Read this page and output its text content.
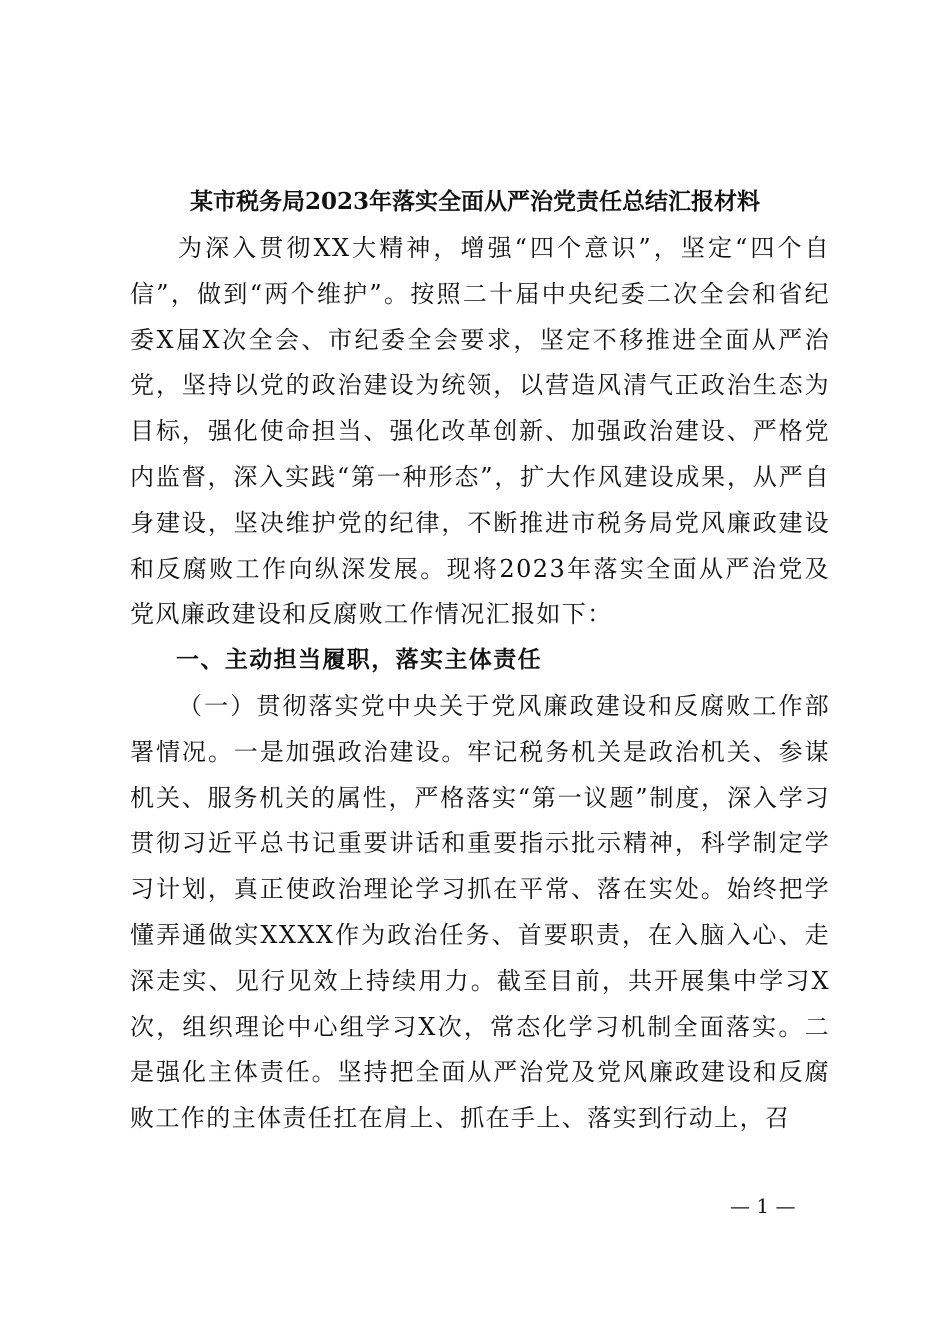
某市税务局2023年落实全面从严治党责任总结汇报材料

为深入贯彻XX大精神，增强“四个意识”，坚定“四个自信”，做到“两个维护”。按照二十届中央纪委二次全会和省纪委X届X次全会、市纪委全会要求，坚定不移推进全面从严治党，坚持以党的政治建设为统领，以营造风清气正政治生态为目标，强化使命担当、强化改革创新、加强政治建设、严格党内监督，深入实践“第一种形态”，扩大作风建设成果，从严自身建设，坚决维护党的纪律，不断推进市税务局党风廉政建设和反腐败工作向纵深发展。现将2023年落实全面从严治党及党风廉政建设和反腐败工作情况汇报如下：

一、主动担当履职，落实主体责任

（一）贯彻落实党中央关于党风廉政建设和反腐败工作部署情况。一是加强政治建设。牢记税务机关是政治机关、参谋机关、服务机关的属性，严格落实“第一议题”制度，深入学习贯彻习近平总书记重要讲话和重要指示批示精神，科学制定学习计划，真正使政治理论学习抓在平常、落在实处。始终把学懂弄通做实XXXX作为政治任务、首要职责，在入脑入心、走深走实、见行见效上持续用力。截至目前，共开展集中学习X次，组织理论中心组学习X次，常态化学习机制全面落实。二是强化主体责任。坚持把全面从严治党及党风廉政建设和反腐败工作的主体责任扛在肩上、抓在手上、落实到行动上，召

— 1 —
